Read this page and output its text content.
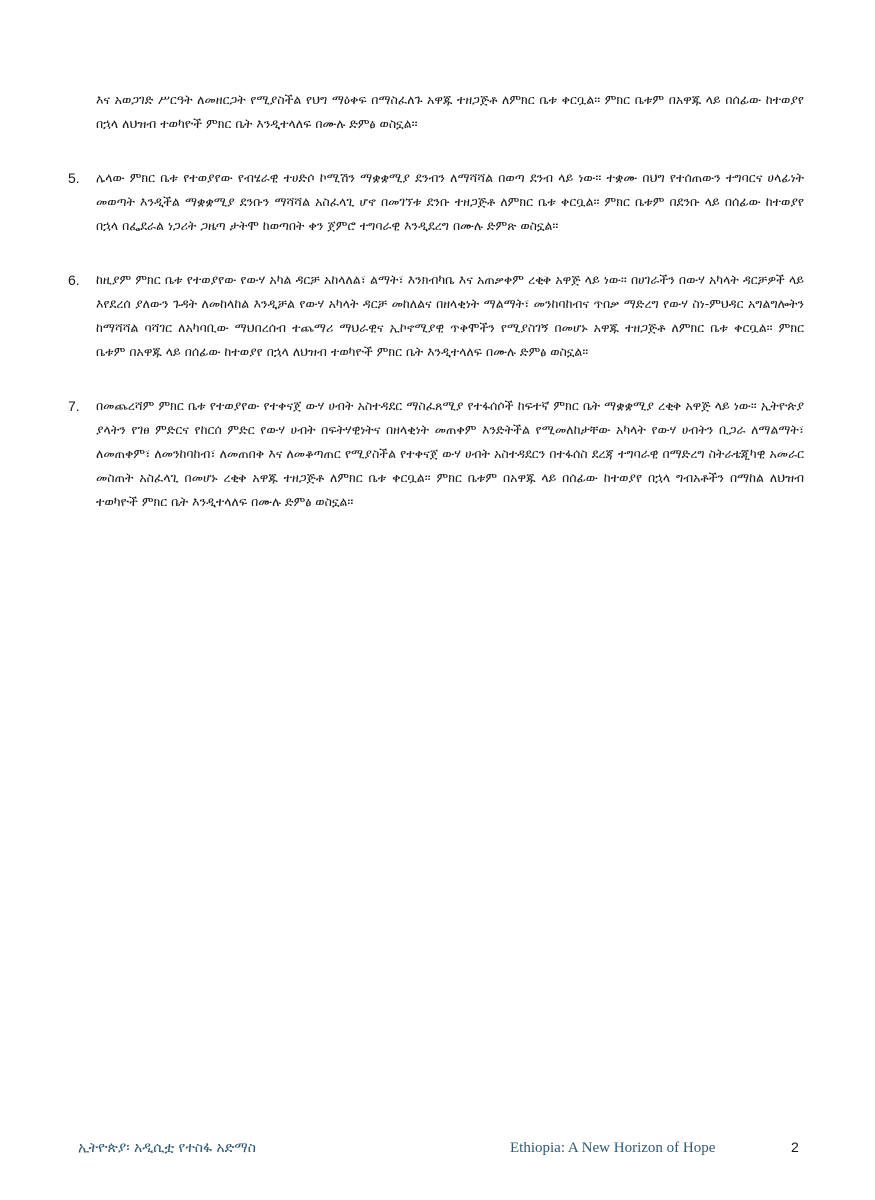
እና አወጋገድ ሥርዓት ለመዘርጋት የሚያስችል የህግ ማዕቀፍ በማስፈለጉ አዋጁ ተዘጋጅቶ ለምክር ቤቱ ቀርቧል፡፡ ምክር ቤቱም በአዋጁ ላይ በሰፊው ከተወያየ በኋላ ለህዝብ ተወካዮች ምክር ቤት እንዲተላለፍ በሙሉ ድምፅ ወስኗል፡፡

5. ሌላው ምክር ቤቱ የተወያየው የብሄራዊ ተሀድሶ ኮሚሽን ማቋቋሚያ ደንብን ለማሻሻል በወጣ ደንብ ላይ ነው፡፡ ተቋሙ በህግ የተሰጠውን ተግባርና ሀላፊነት መወጣት እንዲችል ማቋቋሚያ ደንቡን ማሻሻል አስፈላጊ ሆኖ በመገኘቱ ደንቡ ተዘጋጅቶ ለምክር ቤቱ ቀርቧል፡፡ ምክር ቤቱም በደንቡ ላይ በሰፊው ከተወያየ በኋላ በፌደራል ነጋሪት ጋዜጣ ታትሞ ከወጣበት ቀን ጀምሮ ተግባራዊ እንዲደረግ በሙሉ ድምጽ ወስኗል፡፡

6. ከዚያም ምክር ቤቱ የተወያየው የውሃ አካል ዳርቻ አከላለል፣ ልማት፣ እንክብካቤ እና አጠቃቀም ረቂቅ አዋጅ ላይ ነው፡፡ በሀገራችን በውሃ አካላት ዳርቻዎች ላይ እየደረሰ ያለውን ጉዳት ለመከላከል እንዲቻል የውሃ አካላት ዳርቻ መከለልና በዘላቂነት ማልማት፣ መንከባከብና ጥበቃ ማድረግ የውሃ ስነ-ምህዳር አግልግሎትን ከማሻሻል ባሻገር ለአካባቢው ማህበረሰብ ተጨማሪ ማህራዊና ኢኮኖሚያዊ ጥቅሞችን የሚያስገኝ በመሆኑ አዋጁ ተዘጋጅቶ ለምክር ቤቱ ቀርቧል፡፡ ምክር ቤቱም በአዋጁ ላይ በሰፊው ከተወያየ በኋላ ለህዝብ ተወካዮች ምክር ቤት እንዲተላለፍ በሙሉ ድምፅ ወስኗል፡፡

7. በመጨረሻም ምክር ቤቱ የተወያየው የተቀናጀ ውሃ ሀብት አስተዳደር ማስፈጸሚያ የተፋሰሶች ከፍተኛ ምክር ቤት ማቋቋሚያ ረቂቅ አዋጅ ላይ ነው፡፡ ኢትዮጵያ ያላትን የገፀ ምድርና የከርሰ ምድር የውሃ ሀብት በፍትሃዊነትና በዘላቂነት መጠቀም እንድትችል የሚመለከታቸው አካላት የውሃ ሀብትን ቢጋራ ለማልማት፣ ለመጠቀም፣ ለመንከባከብ፣ ለመጠበቅ እና ለመቆጣጠር የሚያስችል የተቀናጀ ውሃ ሀብት አስተዳደርን በተፋሰስ ደረጃ ተግባራዊ በማድረግ ስትራቴጂካዊ አመራር መስጠት አስፈላጊ በመሆኑ ረቂቅ አዋጁ ተዘጋጅቶ ለምክር ቤቱ ቀርቧል፡፡ ምክር ቤቱም በአዋጁ ላይ በሰፊው ከተወያየ በኋላ ግብአቶችን በማከል ለህዝብ ተወካዮች ምክር ቤት እንዲተላለፍ በሙሉ ድምፅ ወስኗል፡፡

ኢትዮጵያ፡ አዲሲቷ የተስፋ አድማስ	Ethiopia: A New Horizon of Hope	2
